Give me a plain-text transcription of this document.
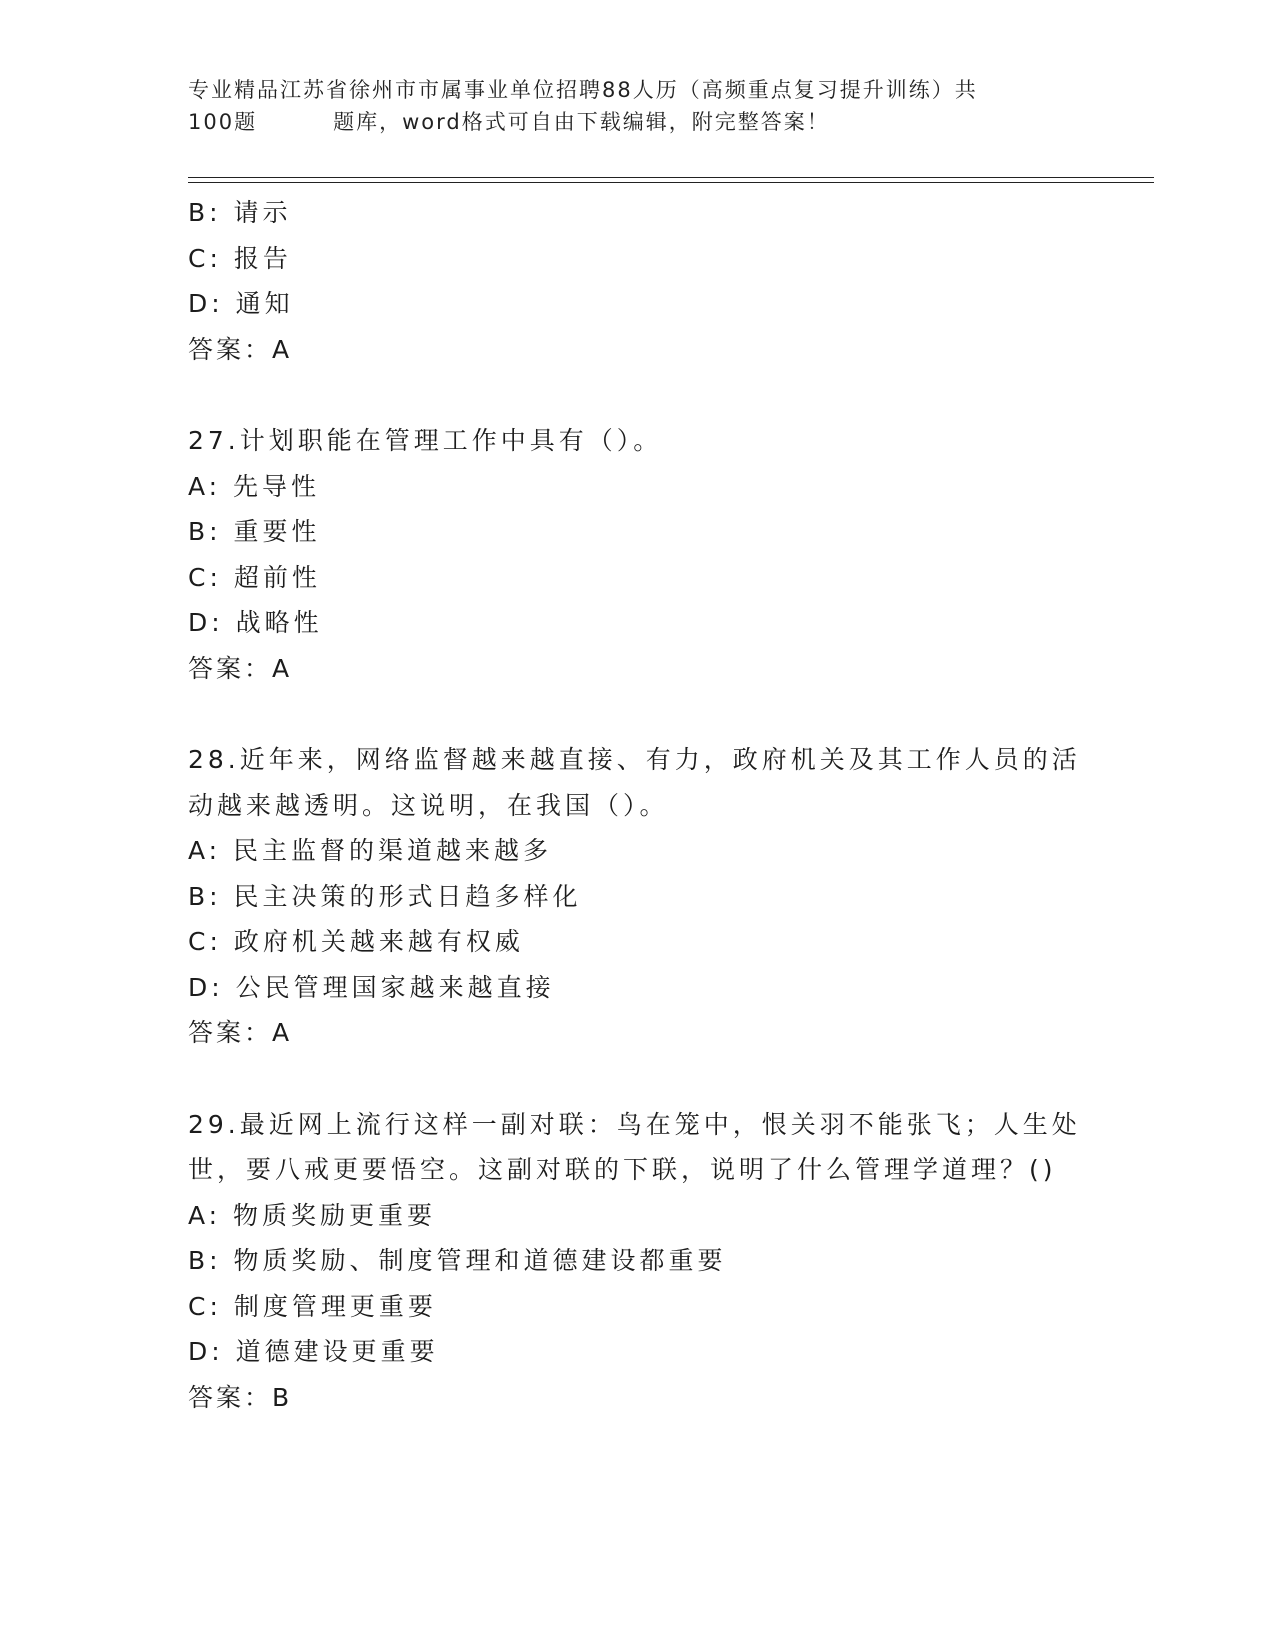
专业精品江苏省徐州市市属事业单位招聘88人历（高频重点复习提升训练）共
100题	题库，word格式可自由下载编辑，附完整答案！
B: 请示
C: 报告
D: 通知
答案：A
27.计划职能在管理工作中具有（）。
A: 先导性
B: 重要性
C: 超前性
D: 战略性
答案：A
28.近年来，网络监督越来越直接、有力，政府机关及其工作人员的活
动越来越透明。这说明，在我国（）。
A: 民主监督的渠道越来越多
B: 民主决策的形式日趋多样化
C: 政府机关越来越有权威
D: 公民管理国家越来越直接
答案：A
29.最近网上流行这样一副对联：鸟在笼中，恨关羽不能张飞；人生处
世，要八戒更要悟空。这副对联的下联，说明了什么管理学道理？()
A: 物质奖励更重要
B: 物质奖励、制度管理和道德建设都重要
C: 制度管理更重要
D: 道德建设更重要
答案：B
